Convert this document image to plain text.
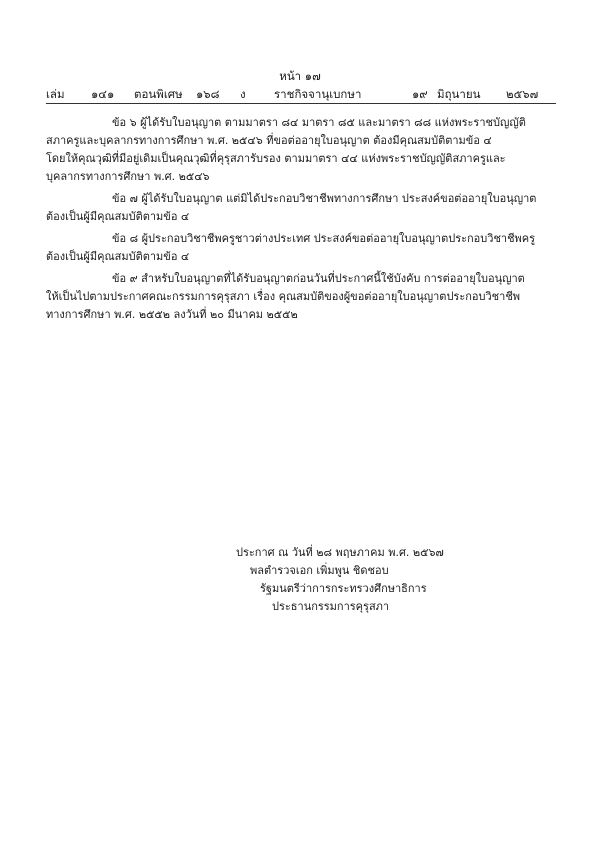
หน้า ๑๗
เล่ม ๑๔๑ ตอนพิเศษ ๑๖๘ ง ราชกิจจานุเบกษา	๑๙ มิถุนายน ๒๕๖๗
ข้อ ๖ ผู้ได้รับใบอนุญาต ตามมาตรา ๘๔ มาตรา ๘๕ และมาตรา ๘๘ แห่งพระราชบัญญัติ
สภาครูและบุคลากรทางการศึกษา พ.ศ. ๒๕๔๖ ที่ขอต่ออายุใบอนุญาต ต้องมีคุณสมบัติตามข้อ ๔
โดยให้คุณวุฒิที่มีอยู่เดิมเป็นคุณวุฒิที่คุรุสภารับรอง ตามมาตรา ๔๔ แห่งพระราชบัญญัติสภาครูและ
บุคลากรทางการศึกษา พ.ศ. ๒๕๔๖
ข้อ ๗ ผู้ได้รับใบอนุญาต แต่มิได้ประกอบวิชาชีพทางการศึกษา ประสงค์ขอต่ออายุใบอนุญาต
ต้องเป็นผู้มีคุณสมบัติตามข้อ ๔
ข้อ ๘ ผู้ประกอบวิชาชีพครูชาวต่างประเทศ ประสงค์ขอต่ออายุใบอนุญาตประกอบวิชาชีพครู
ต้องเป็นผู้มีคุณสมบัติตามข้อ ๔
ข้อ ๙ สำหรับใบอนุญาตที่ได้รับอนุญาตก่อนวันที่ประกาศนี้ใช้บังคับ การต่ออายุใบอนุญาต
ให้เป็นไปตามประกาศคณะกรรมการคุรุสภา เรื่อง คุณสมบัติของผู้ขอต่ออายุใบอนุญาตประกอบวิชาชีพ
ทางการศึกษา พ.ศ. ๒๕๕๒ ลงวันที่ ๒๐ มีนาคม ๒๕๕๒
ประกาศ ณ วันที่ ๒๘ พฤษภาคม พ.ศ. ๒๕๖๗
พลตำรวจเอก เพิ่มพูน ชิดชอบ
รัฐมนตรีว่าการกระทรวงศึกษาธิการ
ประธานกรรมการคุรุสภา
